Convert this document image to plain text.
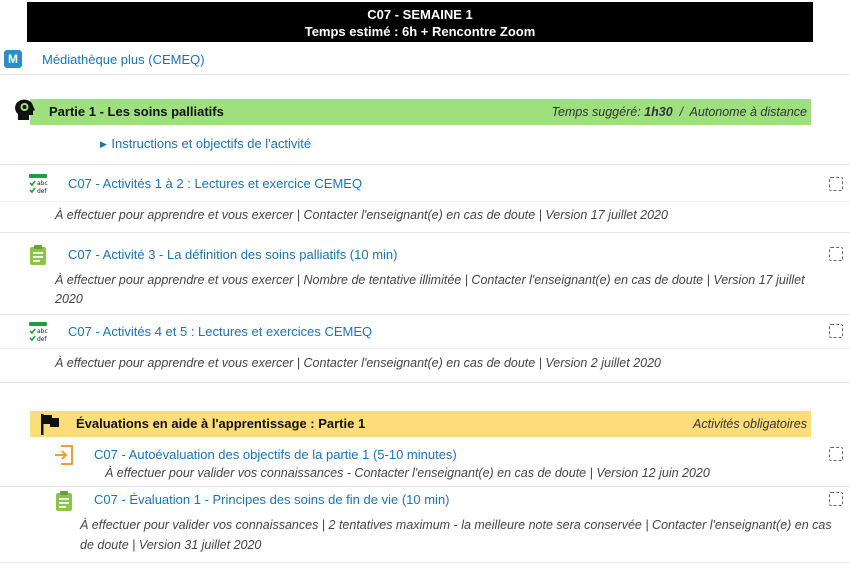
C07 - SEMAINE 1
Temps estimé : 6h + Rencontre Zoom
M	Médiathèque plus (CEMEQ)
Partie 1 - Les soins palliatifs	Temps suggéré: 1h30  /  Autonome à distance
▶ Instructions et objectifs de l'activité
abc
def
C07 - Activités 1 à 2 : Lectures et exercice CEMEQ
À effectuer pour apprendre et vous exercer | Contacter l'enseignant(e) en cas de doute | Version 17 juillet 2020
C07 - Activité 3 - La définition des soins palliatifs (10 min)
À effectuer pour apprendre et vous exercer | Nombre de tentative illimitée | Contacter l'enseignant(e) en cas de doute | Version 17 juillet
2020
abc
def
C07 - Activités 4 et 5 : Lectures et exercices CEMEQ
À effectuer pour apprendre et vous exercer | Contacter l'enseignant(e) en cas de doute | Version 2 juillet 2020
Évaluations en aide à l'apprentissage : Partie 1	Activités obligatoires
C07 - Autoévaluation des objectifs de la partie 1 (5-10 minutes)
À effectuer pour valider vos connaissances - Contacter l'enseignant(e) en cas de doute | Version 12 juin 2020
C07 - Évaluation 1 - Principes des soins de fin de vie (10 min)
À effectuer pour valider vos connaissances | 2 tentatives maximum - la meilleure note sera conservée | Contacter l'enseignant(e) en cas
de doute | Version 31 juillet 2020
